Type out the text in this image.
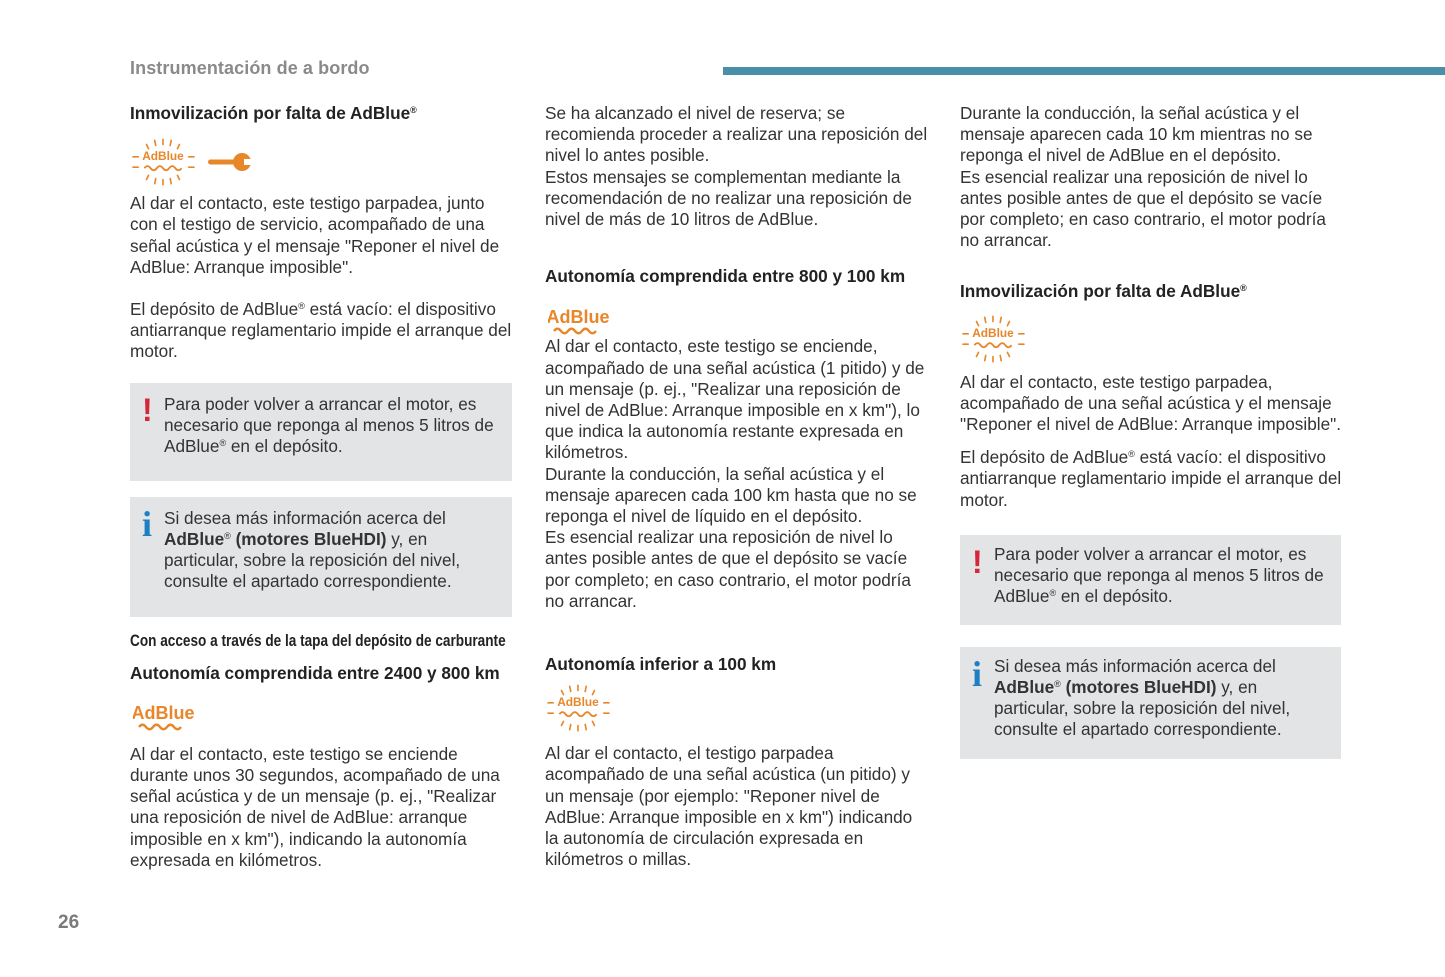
Instrumentación de a bordo
Inmovilización por falta de AdBlue®

Al dar el contacto, este testigo parpadea, junto con el testigo de servicio, acompañado de una señal acústica y el mensaje "Reponer el nivel de AdBlue: Arranque imposible".

El depósito de AdBlue® está vacío: el dispositivo antiarranque reglamentario impide el arranque del motor.

! Para poder volver a arrancar el motor, es necesario que reponga al menos 5 litros de AdBlue® en el depósito.

i Si desea más información acerca del AdBlue® (motores BlueHDI) y, en particular, sobre la reposición del nivel, consulte el apartado correspondiente.

Con acceso a través de la tapa del depósito de carburante
Autonomía comprendida entre 2400 y 800 km

Al dar el contacto, este testigo se enciende durante unos 30 segundos, acompañado de una señal acústica y de un mensaje (p. ej., "Realizar una reposición de nivel de AdBlue: arranque imposible en x km"), indicando la autonomía expresada en kilómetros.

Se ha alcanzado el nivel de reserva; se recomienda proceder a realizar una reposición del nivel lo antes posible.

Estos mensajes se complementan mediante la recomendación de no realizar una reposición de nivel de más de 10 litros de AdBlue.

Autonomía comprendida entre 800 y 100 km

Al dar el contacto, este testigo se enciende, acompañado de una señal acústica (1 pitido) y de un mensaje (p. ej., "Realizar una reposición de nivel de AdBlue: Arranque imposible en x km"), lo que indica la autonomía restante expresada en kilómetros.

Durante la conducción, la señal acústica y el mensaje aparecen cada 100 km hasta que no se reponga el nivel de líquido en el depósito.

Es esencial realizar una reposición de nivel lo antes posible antes de que el depósito se vacíe por completo; en caso contrario, el motor podría no arrancar.

Autonomía inferior a 100 km

Al dar el contacto, el testigo parpadea acompañado de una señal acústica (un pitido) y un mensaje (por ejemplo: "Reponer nivel de AdBlue: Arranque imposible en x km") indicando la autonomía de circulación expresada en kilómetros o millas.

Durante la conducción, la señal acústica y el mensaje aparecen cada 10 km mientras no se reponga el nivel de AdBlue en el depósito.

Es esencial realizar una reposición de nivel lo antes posible antes de que el depósito se vacíe por completo; en caso contrario, el motor podría no arrancar.

Inmovilización por falta de AdBlue®

Al dar el contacto, este testigo parpadea, acompañado de una señal acústica y el mensaje "Reponer el nivel de AdBlue: Arranque imposible".

El depósito de AdBlue® está vacío: el dispositivo antiarranque reglamentario impide el arranque del motor.

! Para poder volver a arrancar el motor, es necesario que reponga al menos 5 litros de AdBlue® en el depósito.

i Si desea más información acerca del AdBlue® (motores BlueHDI) y, en particular, sobre la reposición del nivel, consulte el apartado correspondiente.

26
